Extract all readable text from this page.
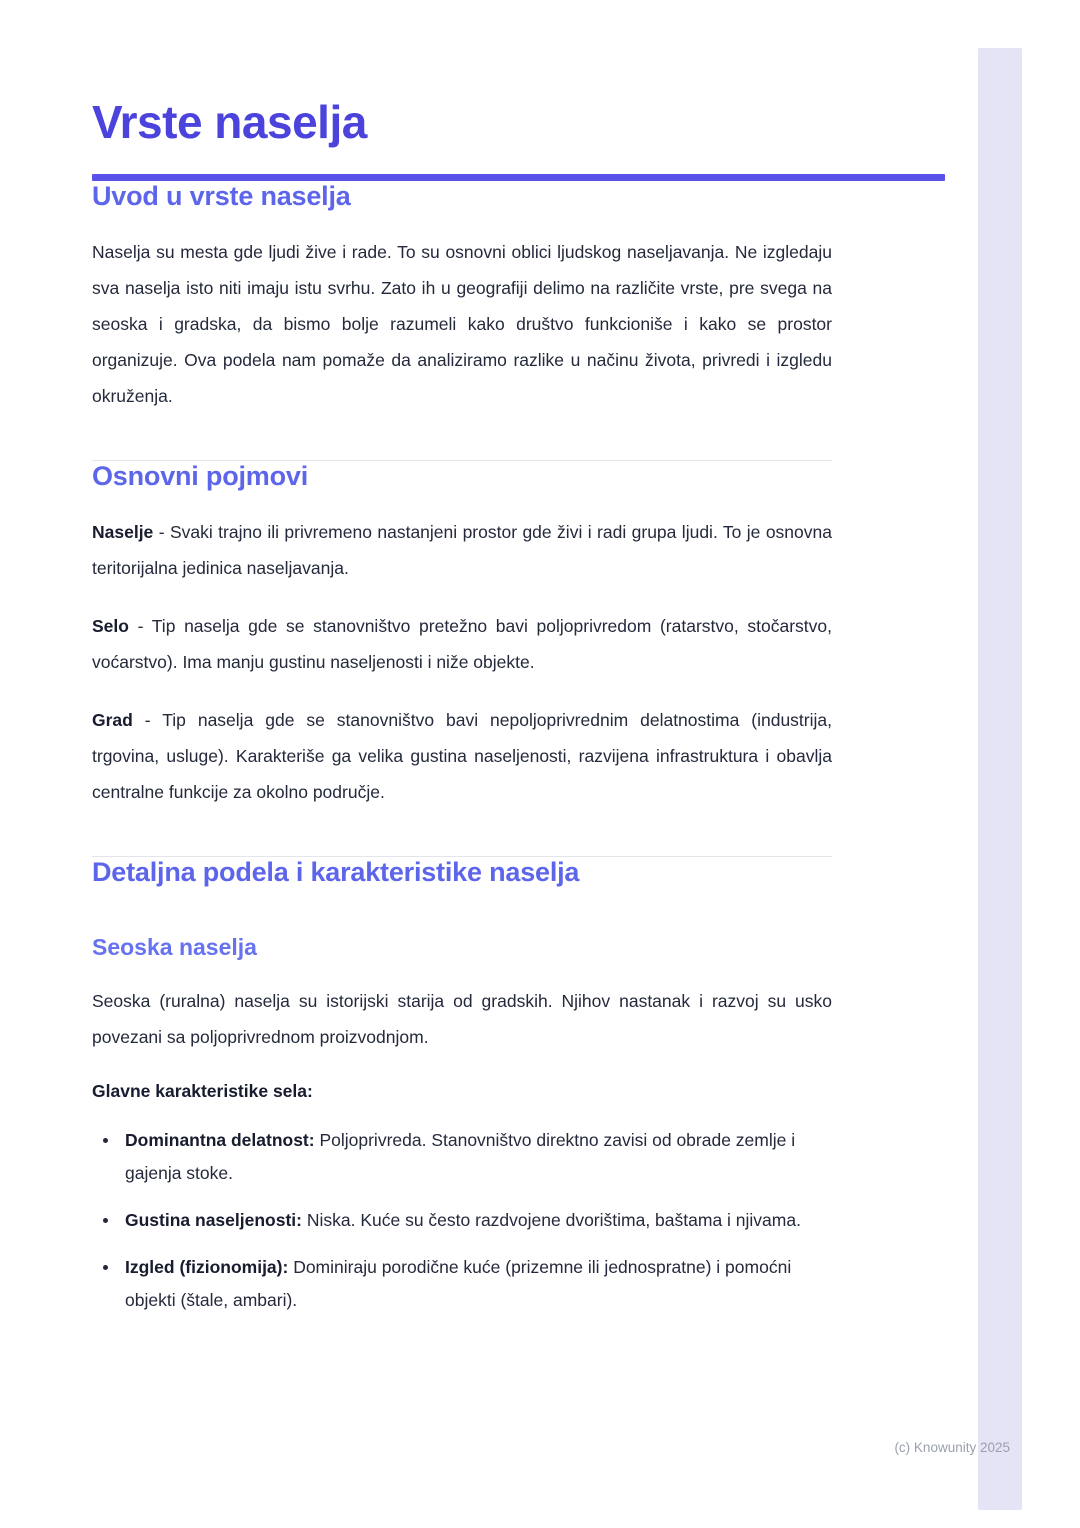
Vrste naselja
Uvod u vrste naselja

Naselja su mesta gde ljudi žive i rade. To su osnovni oblici ljudskog naseljavanja. Ne izgledaju sva naselja isto niti imaju istu svrhu. Zato ih u geografiji delimo na različite vrste, pre svega na seoska i gradska, da bismo bolje razumeli kako društvo funkcioniše i kako se prostor organizuje. Ova podela nam pomaže da analiziramo razlike u načinu života, privredi i izgledu okruženja.

Osnovni pojmovi

Naselje - Svaki trajno ili privremeno nastanjeni prostor gde živi i radi grupa ljudi. To je osnovna teritorijalna jedinica naseljavanja.

Selo - Tip naselja gde se stanovništvo pretežno bavi poljoprivredom (ratarstvo, stočarstvo, voćarstvo). Ima manju gustinu naseljenosti i niže objekte.

Grad - Tip naselja gde se stanovništvo bavi nepoljoprivrednim delatnostima (industrija, trgovina, usluge). Karakteriše ga velika gustina naseljenosti, razvijena infrastruktura i obavlja centralne funkcije za okolno područje.

Detaljna podela i karakteristike naselja
Seoska naselja

Seoska (ruralna) naselja su istorijski starija od gradskih. Njihov nastanak i razvoj su usko povezani sa poljoprivrednom proizvodnjom.

Glavne karakteristike sela:

Dominantna delatnost: Poljoprivreda. Stanovništvo direktno zavisi od obrade zemlje i gajenja stoke.
Gustina naseljenosti: Niska. Kuće su često razdvojene dvorištima, baštama i njivama.
Izgled (fizionomija): Dominiraju porodične kuće (prizemne ili jednospratne) i pomoćni objekti (štale, ambari).
(c) Knowunity 2025
